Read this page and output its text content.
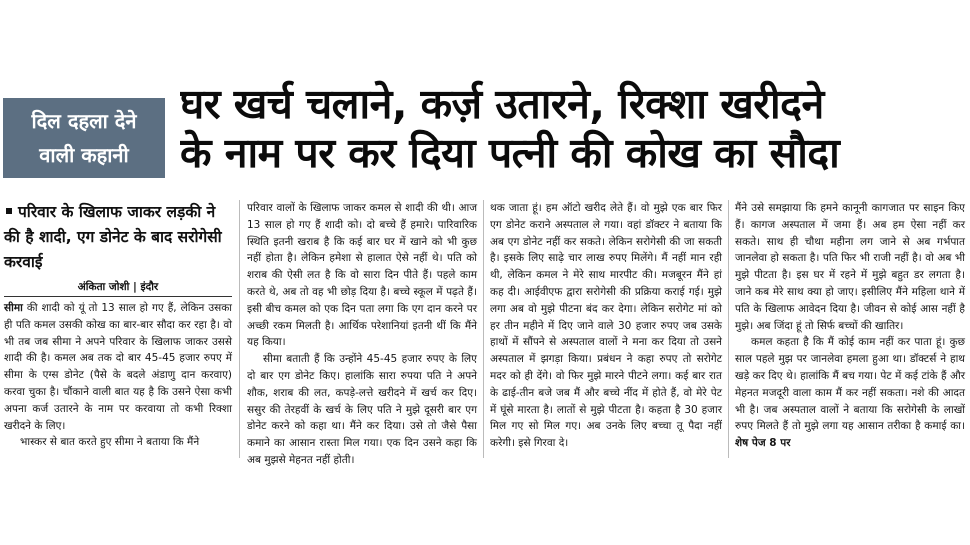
दिल दहला देने
वाली कहानी
घर खर्च चलाने, कर्ज़ उतारने, रिक्शा खरीदने
के नाम पर कर दिया पत्नी की कोख का सौदा
परिवार के खिलाफ जाकर लड़की ने की है शादी, एग डोनेट के बाद सरोगेसी करवाई
अंकिता जोशी | इंदौर

सीमा की शादी को यूं तो 13 साल हो गए हैं, लेकिन उसका ही पति कमल उसकी कोख का बार-बार सौदा कर रहा है। वो भी तब जब सीमा ने अपने परिवार के खिलाफ जाकर उससे शादी की है। कमल अब तक दो बार 45-45 हजार रुपए में सीमा के एग्स डोनेट (पैसे के बदले अंडाणु दान करवाए) करवा चुका है। चौंकाने वाली बात यह है कि उसने ऐसा कभी अपना कर्ज उतारने के नाम पर करवाया तो कभी रिक्शा खरीदने के लिए।

भास्कर से बात करते हुए सीमा ने बताया कि मैंने

परिवार वालों के खिलाफ जाकर कमल से शादी की थी। आज 13 साल हो गए हैं शादी को। दो बच्चे हैं हमारे। पारिवारिक स्थिति इतनी खराब है कि कई बार घर में खाने को भी कुछ नहीं होता है। लेकिन हमेशा से हालात ऐसे नहीं थे। पति को शराब की ऐसी लत है कि वो सारा दिन पीते हैं। पहले काम करते थे, अब तो वह भी छोड़ दिया है। बच्चे स्कूल में पढ़ते हैं। इसी बीच कमल को एक दिन पता लगा कि एग दान करने पर अच्छी रकम मिलती है। आर्थिक परेशानियां इतनी थीं कि मैंने यह किया।

सीमा बताती हैं कि उन्होंने 45-45 हजार रुपए के लिए दो बार एग डोनेट किए। हालांकि सारा रुपया पति ने अपने शौक, शराब की लत, कपड़े-लत्ते खरीदने में खर्च कर दिए। ससुर की तेरहवीं के खर्च के लिए पति ने मुझे दूसरी बार एग डोनेट करने को कहा था। मैंने कर दिया। उसे तो जैसे पैसा कमाने का आसान रास्ता मिल गया। एक दिन उसने कहा कि अब मुझसे मेहनत नहीं होती।

थक जाता हूं। हम ऑटो खरीद लेते हैं। वो मुझे एक बार फिर एग डोनेट कराने अस्पताल ले गया। वहां डॉक्टर ने बताया कि अब एग डोनेट नहीं कर सकते। लेकिन सरोगेसी की जा सकती है। इसके लिए साढ़े चार लाख रुपए मिलेंगे। मैं नहीं मान रही थी, लेकिन कमल ने मेरे साथ मारपीट की। मजबूरन मैंने हां कह दी। आईवीएफ द्वारा सरोगेसी की प्रक्रिया कराई गई। मुझे लगा अब वो मुझे पीटना बंद कर देगा। लेकिन सरोगेट मां को हर तीन महीने में दिए जाने वाले 30 हजार रुपए जब उसके हाथों में सौंपने से अस्पताल वालों ने मना कर दिया तो उसने अस्पताल में झगड़ा किया। प्रबंधन ने कहा रुपए तो सरोगेट मदर को ही देंगे। वो फिर मुझे मारने पीटने लगा। कई बार रात के ढाई-तीन बजे जब मैं और बच्चे नींद में होते हैं, वो मेरे पेट में घूंसे मारता है। लातों से मुझे पीटता है। कहता है 30 हजार मिल गए सो मिल गए। अब उनके लिए बच्चा तू पैदा नहीं करेगी। इसे गिरवा दे।

मैंने उसे समझाया कि हमने कानूनी कागजात पर साइन किए हैं। कागज अस्पताल में जमा हैं। अब हम ऐसा नहीं कर सकते। साथ ही चौथा महीना लग जाने से अब गर्भपात जानलेवा हो सकता है। पति फिर भी राजी नहीं है। वो अब भी मुझे पीटता है। इस घर में रहने में मुझे बहुत डर लगता है। जाने कब मेरे साथ क्या हो जाए। इसीलिए मैंने महिला थाने में पति के खिलाफ आवेदन दिया है। जीवन से कोई आस नहीं है मुझे। अब जिंदा हूं तो सिर्फ बच्चों की खातिर।

कमल कहता है कि मैं कोई काम नहीं कर पाता हूं। कुछ साल पहले मुझ पर जानलेवा हमला हुआ था। डॉक्टर्स ने हाथ खड़े कर दिए थे। हालांकि मैं बच गया। पेट में कई टांके हैं और मेहनत मजदूरी वाला काम मैं कर नहीं सकता। नशे की आदत भी है। जब अस्पताल वालों ने बताया कि सरोगेसी के लाखों रुपए मिलते हैं तो मुझे लगा यह आसान तरीका है कमाई का। शेष पेज 8 पर
